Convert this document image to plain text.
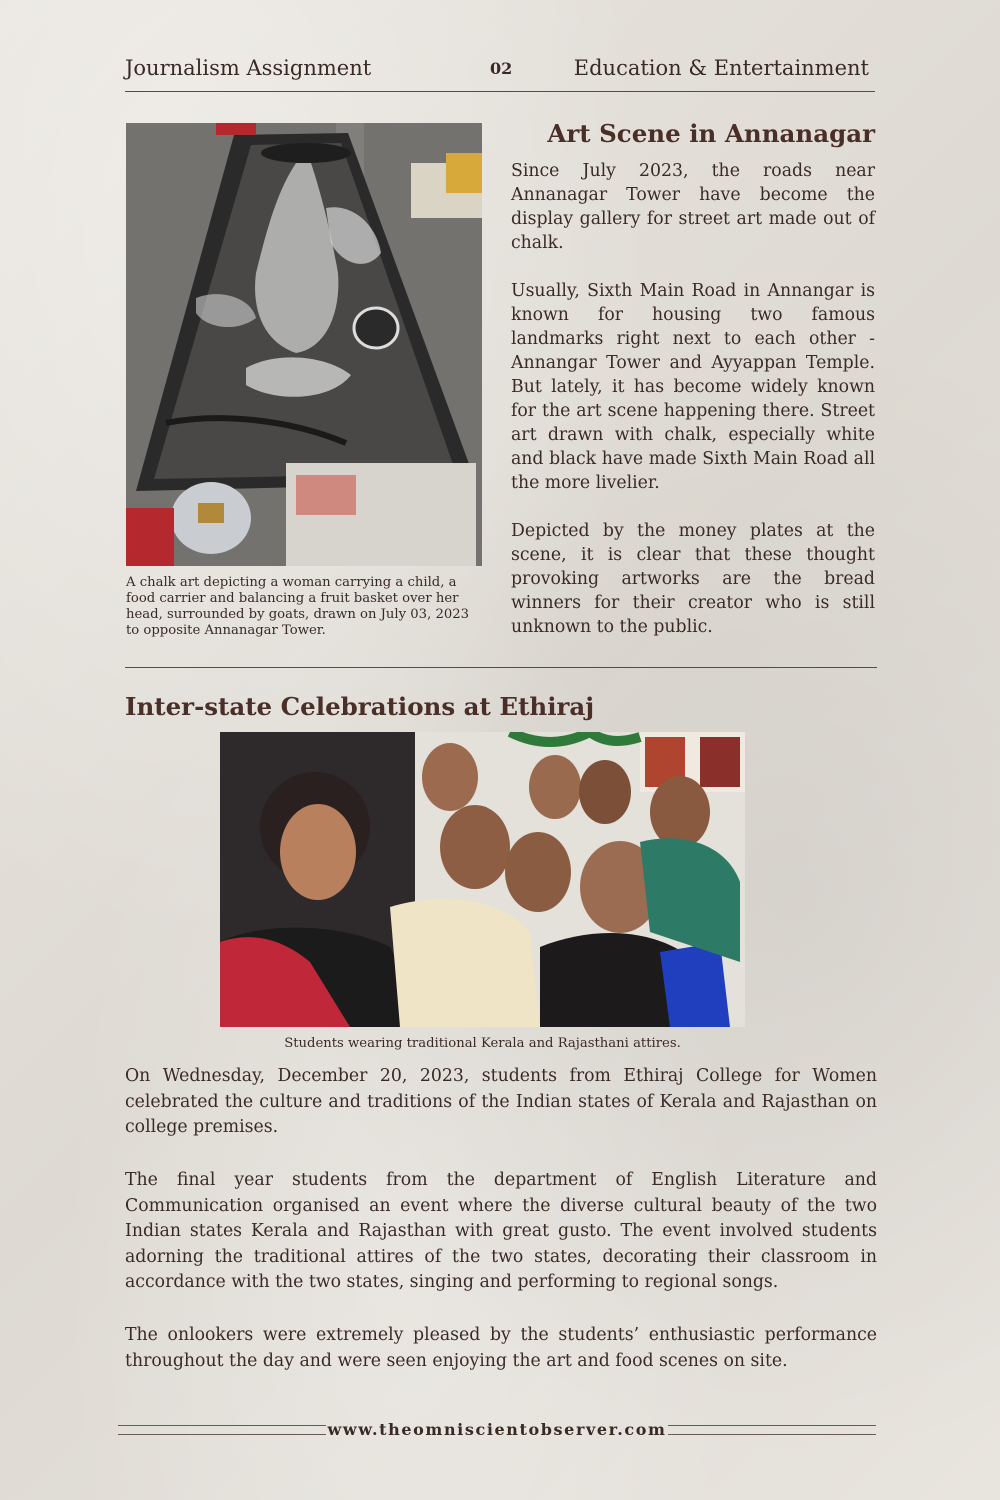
Journalism Assignment	02	Education & Entertainment
A chalk art depicting a woman carrying a child, a food carrier and balancing a fruit basket over her head, surrounded by goats, drawn on July 03, 2023 to opposite Annanagar Tower.
Art Scene in Annanagar

Since July 2023, the roads near Annanagar Tower have become the display gallery for street art made out of chalk.

Usually, Sixth Main Road in Annangar is known for housing two famous landmarks right next to each other - Annangar Tower and Ayyappan Temple. But lately, it has become widely known for the art scene happening there. Street art drawn with chalk, especially white and black have made Sixth Main Road all the more livelier.

Depicted by the money plates at the scene, it is clear that these thought provoking artworks are the bread winners for their creator who is still unknown to the public.

Inter-state Celebrations at Ethiraj
Students wearing traditional Kerala and Rajasthani attires.

On Wednesday, December 20, 2023, students from Ethiraj College for Women celebrated the culture and traditions of the Indian states of Kerala and Rajasthan on college premises.

The final year students from the department of English Literature and Communication organised an event where the diverse cultural beauty of the two Indian states Kerala and Rajasthan with great gusto. The event involved students adorning the traditional attires of the two states, decorating their classroom in accordance with the two states, singing and performing to regional songs.

The onlookers were extremely pleased by the students’ enthusiastic performance throughout the day and were seen enjoying the art and food scenes on site.

www.theomniscientobserver.com
